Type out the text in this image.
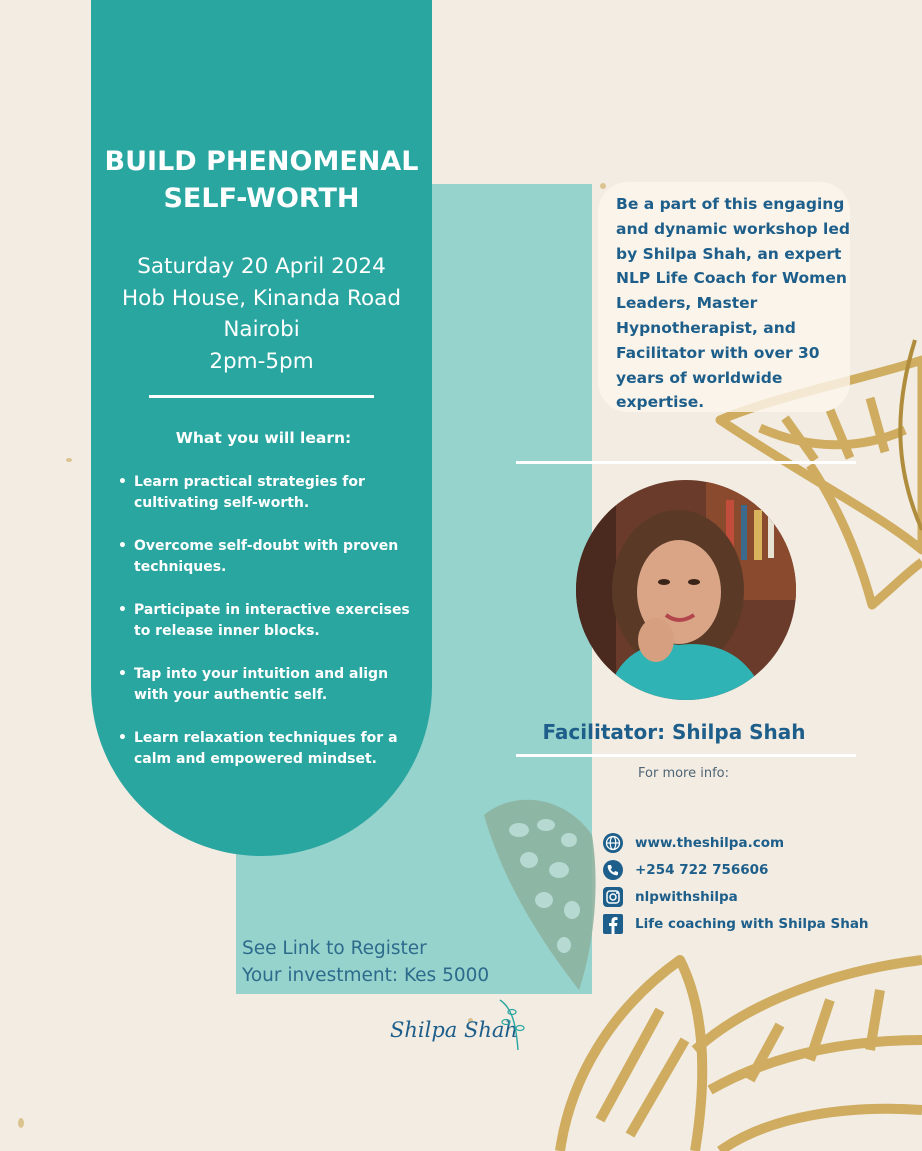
BUILD PHENOMENAL
SELF-WORTH
Saturday 20 April 2024
Hob House, Kinanda Road
Nairobi
2pm-5pm
What you will learn:
• Learn practical strategies for cultivating self-worth.
• Overcome self-doubt with proven techniques.
• Participate in interactive exercises to release inner blocks.
• Tap into your intuition and align with your authentic self.
• Learn relaxation techniques for a calm and empowered mindset.
Be a part of this engaging and dynamic workshop led by Shilpa Shah, an expert NLP Life Coach for Women Leaders, Master Hypnotherapist, and Facilitator with over 30 years of worldwide expertise.
Facilitator: Shilpa Shah
For more info:
www.theshilpa.com
+254 722 756606
nlpwithshilpa
Life coaching with Shilpa Shah
See Link to Register
Your investment: Kes 5000
Shilpa Shah
